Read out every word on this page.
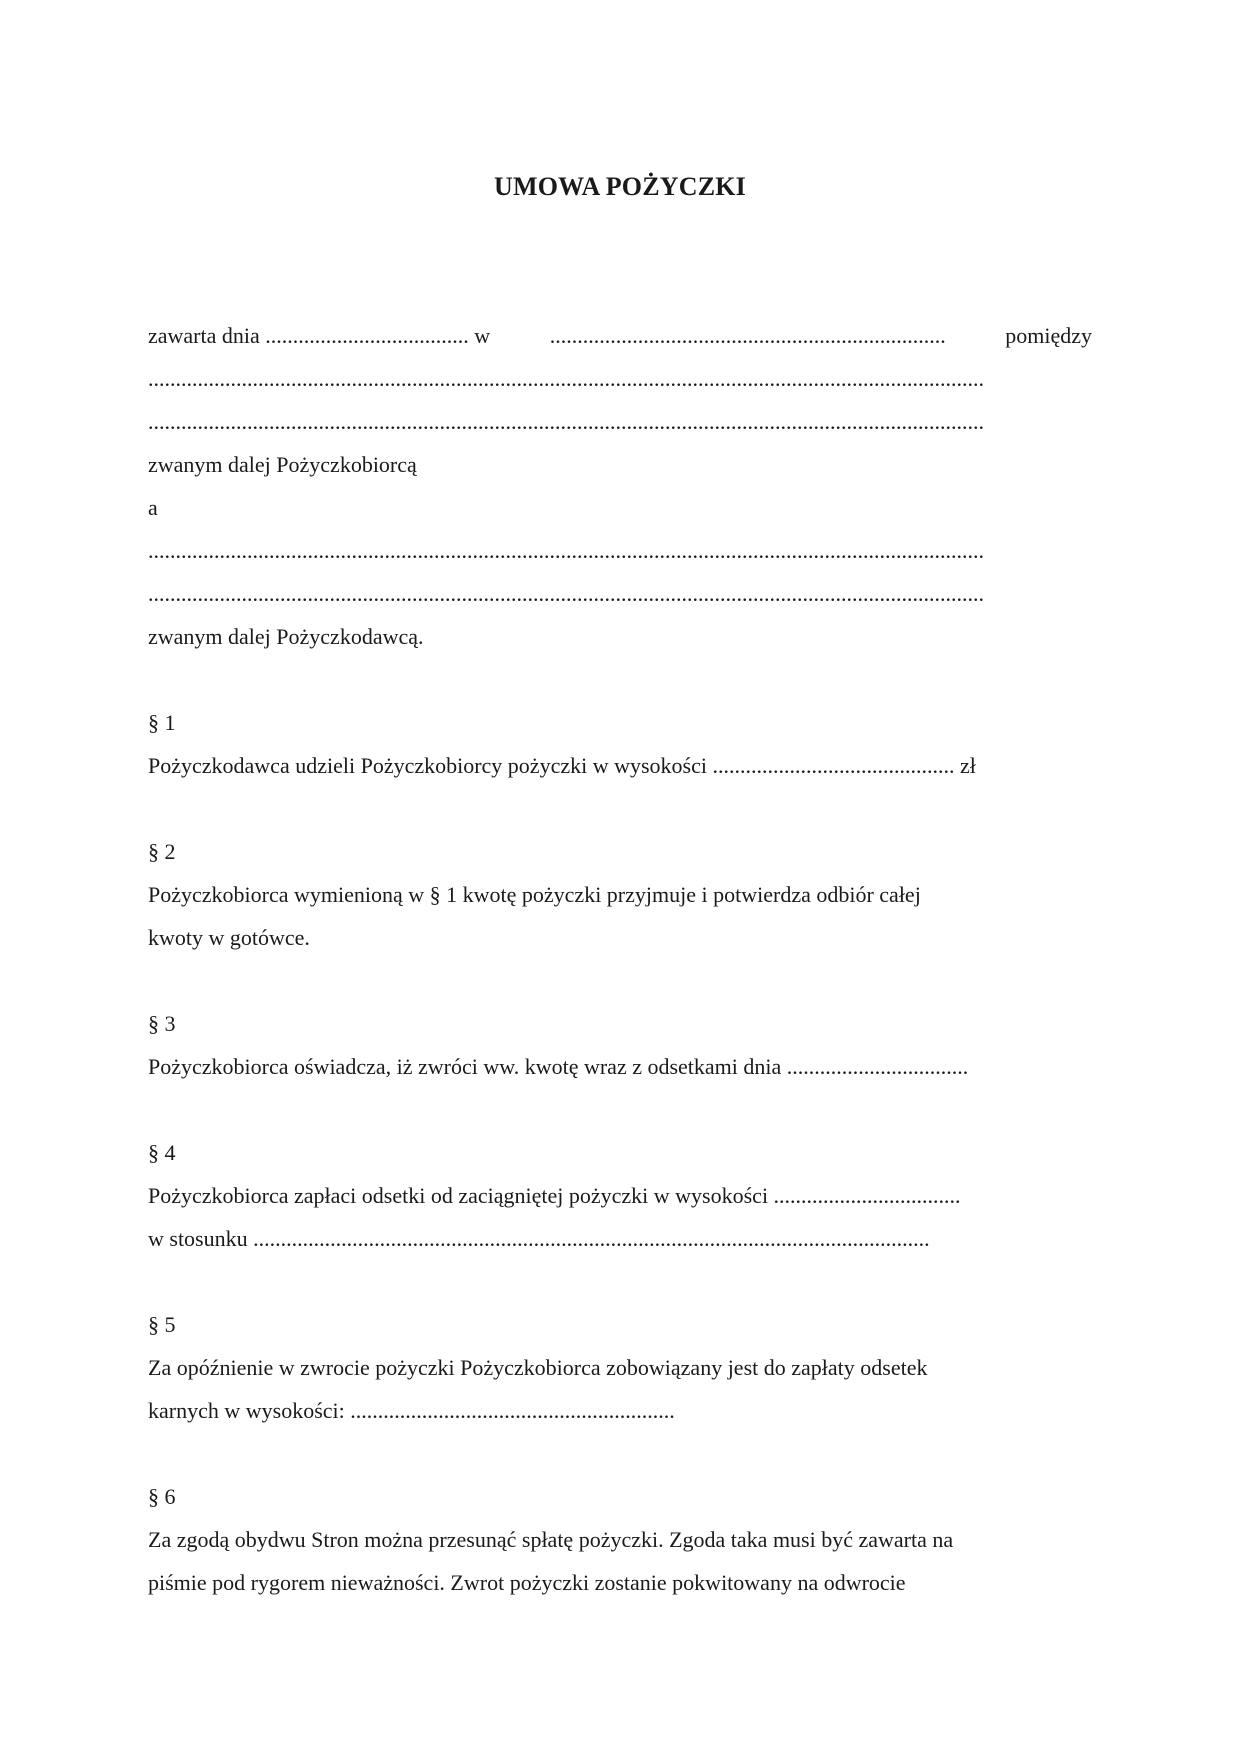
UMOWA POŻYCZKI
zawarta dnia ..................................... w	........................................................................	pomiędzy
........................................................................................................................................................
........................................................................................................................................................
zwanym dalej Pożyczkobiorcą
a
........................................................................................................................................................
........................................................................................................................................................
zwanym dalej Pożyczkodawcą.
§ 1
Pożyczkodawca udzieli Pożyczkobiorcy pożyczki w wysokości ............................................ zł
§ 2
Pożyczkobiorca wymienioną w § 1 kwotę pożyczki przyjmuje i potwierdza odbiór całej
kwoty w gotówce.
§ 3
Pożyczkobiorca oświadcza, iż zwróci ww. kwotę wraz z odsetkami dnia .................................
§ 4
Pożyczkobiorca zapłaci odsetki od zaciągniętej pożyczki w wysokości ..................................
w stosunku ...........................................................................................................................
§ 5
Za opóźnienie w zwrocie pożyczki Pożyczkobiorca zobowiązany jest do zapłaty odsetek
karnych w wysokości: ...........................................................
§ 6
Za zgodą obydwu Stron można przesunąć spłatę pożyczki. Zgoda taka musi być zawarta na
piśmie pod rygorem nieważności. Zwrot pożyczki zostanie pokwitowany na odwrocie
